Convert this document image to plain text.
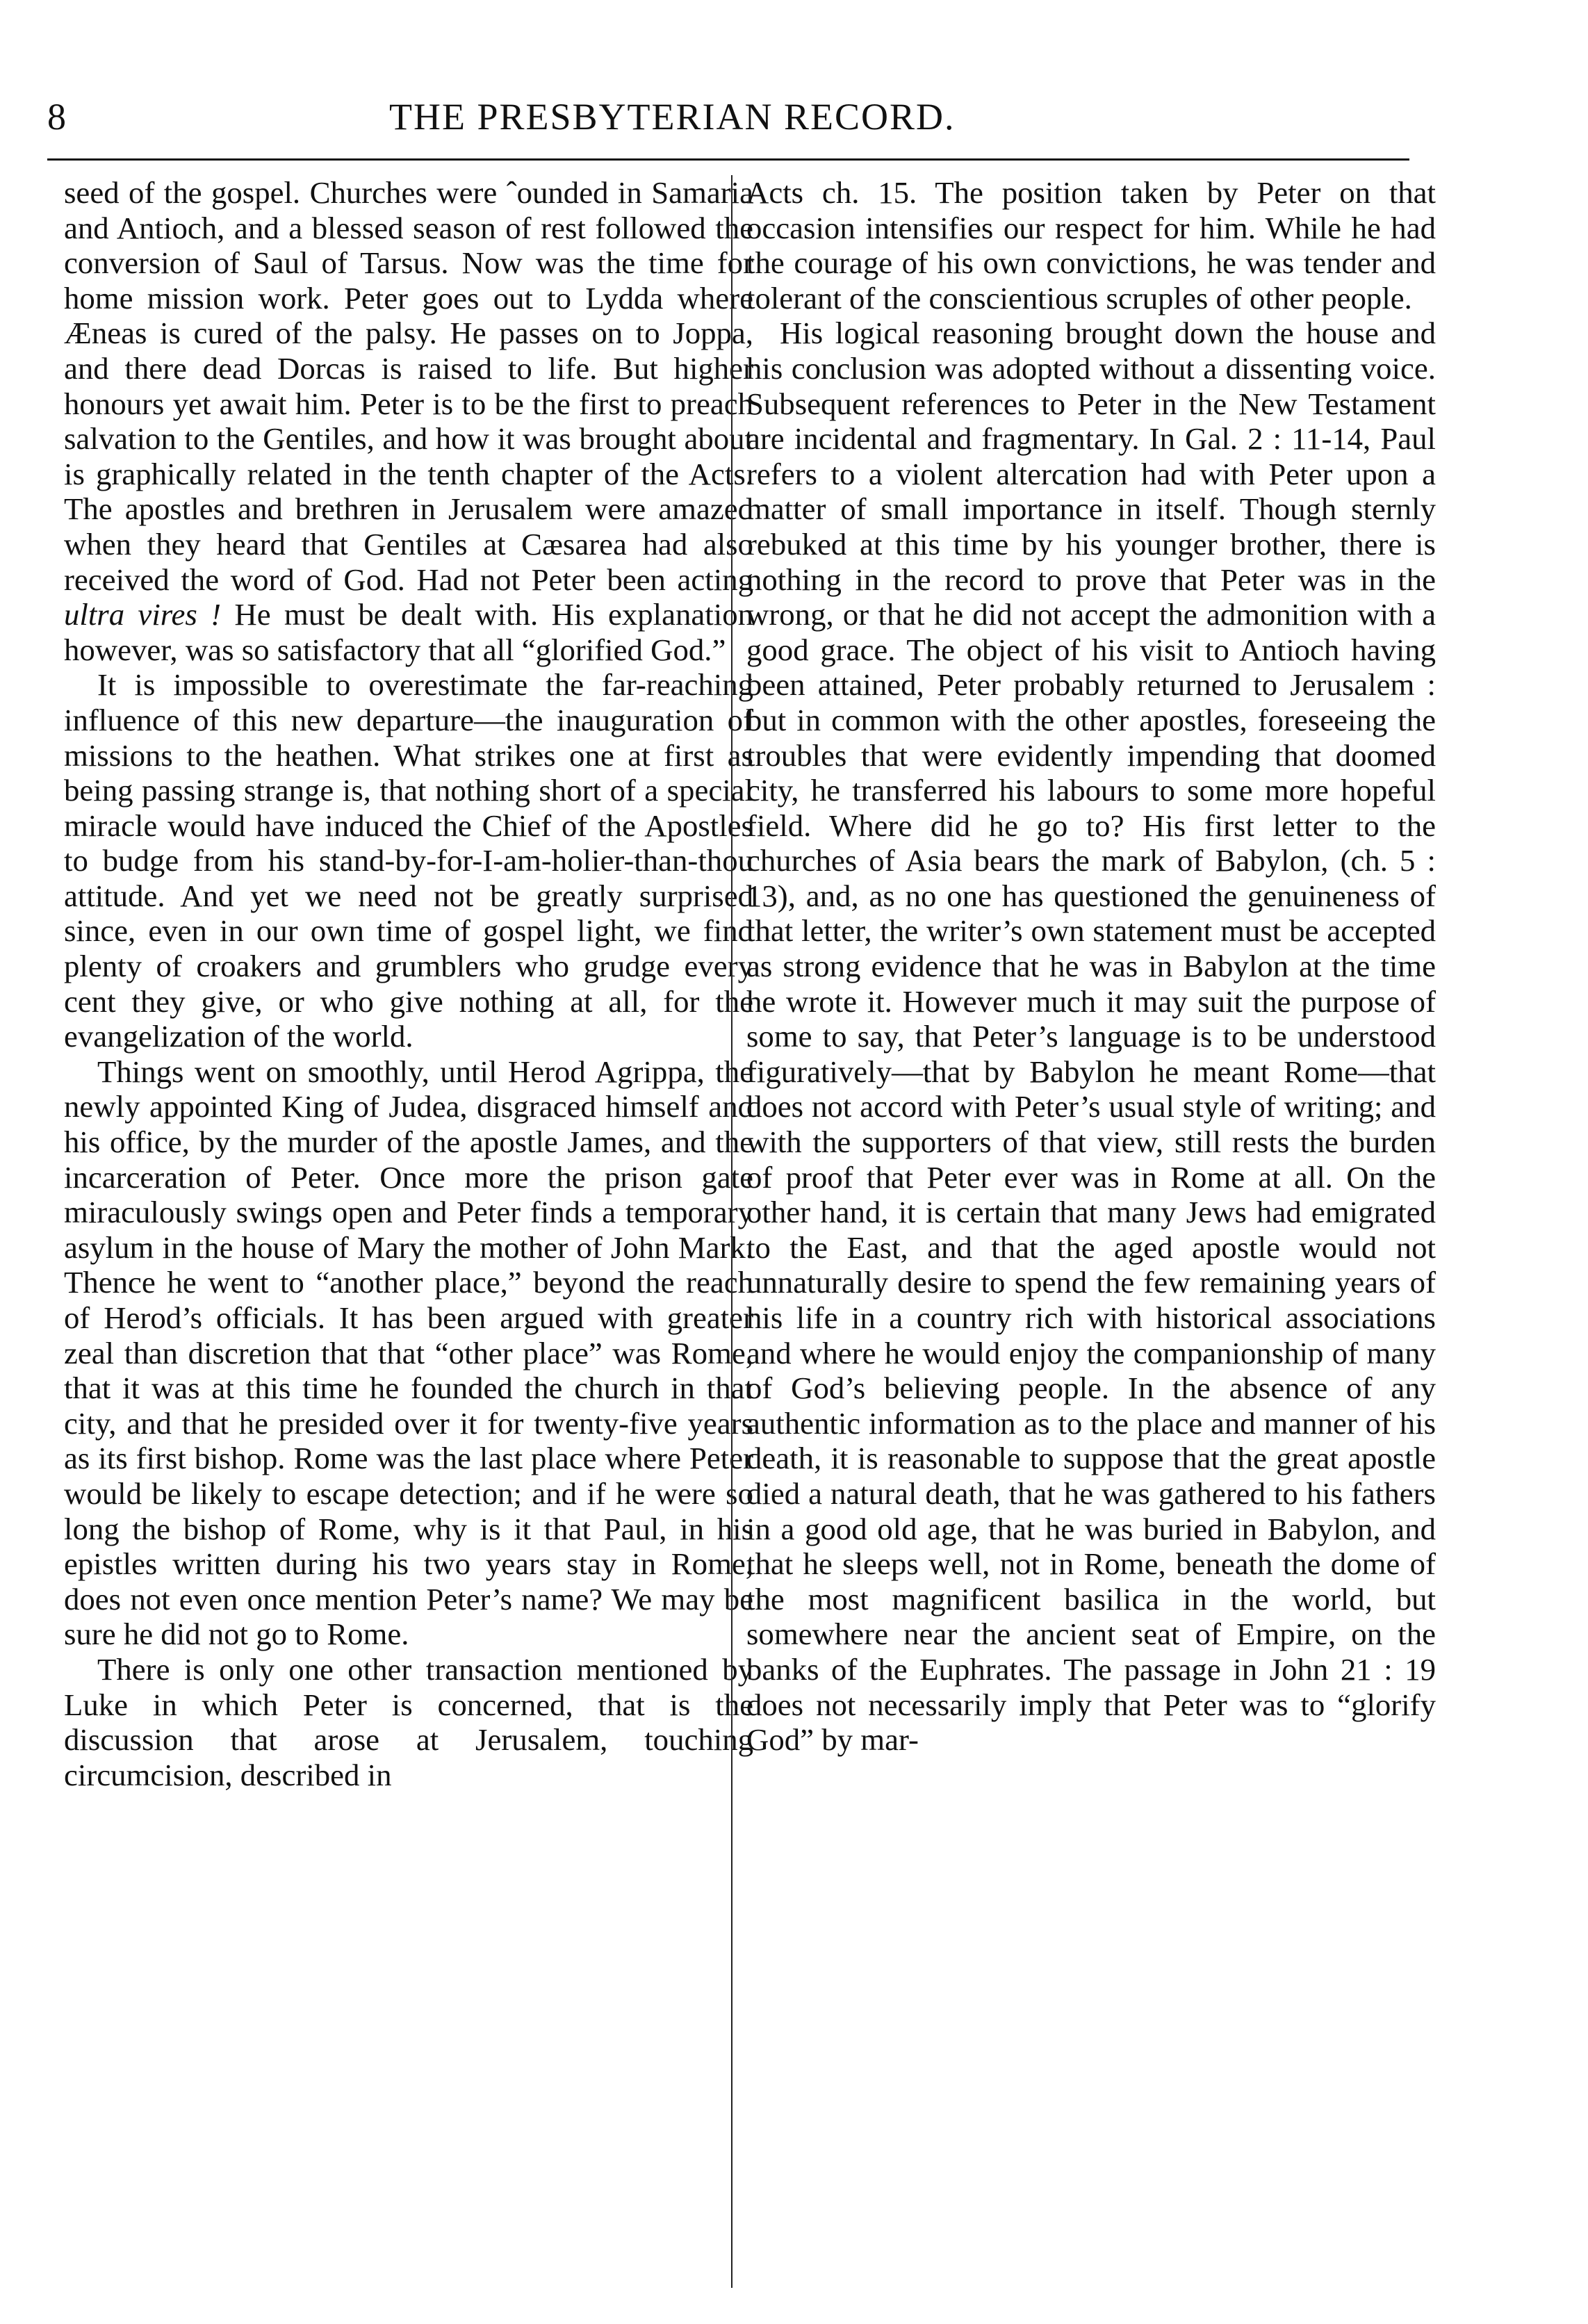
8	THE PRESBYTERIAN RECORD.

seed of the gospel. Churches were ˆounded in Samaria and Antioch, and a blessed season of rest followed the conversion of Saul of Tarsus. Now was the time for home mission work. Peter goes out to Lydda where Æneas is cured of the palsy. He passes on to Joppa, and there dead Dorcas is raised to life. But higher honours yet await him. Peter is to be the first to preach salvation to the Gentiles, and how it was brought about is graphically related in the tenth chapter of the Acts. The apostles and brethren in Jerusalem were amazed when they heard that Gentiles at Cæsarea had also received the word of God. Had not Peter been acting ultra vires ! He must be dealt with. His explanation however, was so satisfactory that all “glorified God.”

It is impossible to overestimate the far-reaching influence of this new departure—the inauguration of missions to the heathen. What strikes one at first as being passing strange is, that nothing short of a special miracle would have induced the Chief of the Apostles to budge from his stand-by-for-I-am-holier-than-thou attitude. And yet we need not be greatly surprised since, even in our own time of gospel light, we find plenty of croakers and grumblers who grudge every cent they give, or who give nothing at all, for the evangelization of the world.

Things went on smoothly, until Herod Agrippa, the newly appointed King of Judea, disgraced himself and his office, by the murder of the apostle James, and the incarceration of Peter. Once more the prison gate miraculously swings open and Peter finds a temporary asylum in the house of Mary the mother of John Mark. Thence he went to “another place,” beyond the reach of Herod’s officials. It has been argued with greater zeal than discretion that that “other place” was Rome, that it was at this time he founded the church in that city, and that he presided over it for twenty-five years as its first bishop. Rome was the last place where Peter would be likely to escape detection; and if he were so long the bishop of Rome, why is it that Paul, in his epistles written during his two years stay in Rome, does not even once mention Peter’s name? We may be sure he did not go to Rome.

There is only one other transaction mentioned by Luke in which Peter is concerned, that is the discussion that arose at Jerusalem, touching circumcision, described in

Acts ch. 15. The position taken by Peter on that occasion intensifies our respect for him. While he had the courage of his own convictions, he was tender and tolerant of the conscientious scruples of other people.

His logical reasoning brought down the house and his conclusion was adopted without a dissenting voice. Subsequent references to Peter in the New Testament are incidental and fragmentary. In Gal. 2 : 11-14, Paul refers to a violent altercation had with Peter upon a matter of small importance in itself. Though sternly rebuked at this time by his younger brother, there is nothing in the record to prove that Peter was in the wrong, or that he did not accept the admonition with a good grace. The object of his visit to Antioch having been attained, Peter probably returned to Jerusalem : but in common with the other apostles, foreseeing the troubles that were evidently impending that doomed city, he transferred his labours to some more hopeful field. Where did he go to? His first letter to the churches of Asia bears the mark of Babylon, (ch. 5 : 13), and, as no one has questioned the genuineness of that letter, the writer’s own statement must be accepted as strong evidence that he was in Babylon at the time he wrote it. However much it may suit the purpose of some to say, that Peter’s language is to be understood figuratively—that by Babylon he meant Rome—that does not accord with Peter’s usual style of writing; and with the supporters of that view, still rests the burden of proof that Peter ever was in Rome at all. On the other hand, it is certain that many Jews had emigrated to the East, and that the aged apostle would not unnaturally desire to spend the few remaining years of his life in a country rich with historical associations and where he would enjoy the companionship of many of God’s believing people. In the absence of any authentic information as to the place and manner of his death, it is reasonable to suppose that the great apostle died a natural death, that he was gathered to his fathers in a good old age, that he was buried in Babylon, and that he sleeps well, not in Rome, beneath the dome of the most magnificent basilica in the world, but somewhere near the ancient seat of Empire, on the banks of the Euphrates. The passage in John 21 : 19 does not necessarily imply that Peter was to “glorify God” by mar-
